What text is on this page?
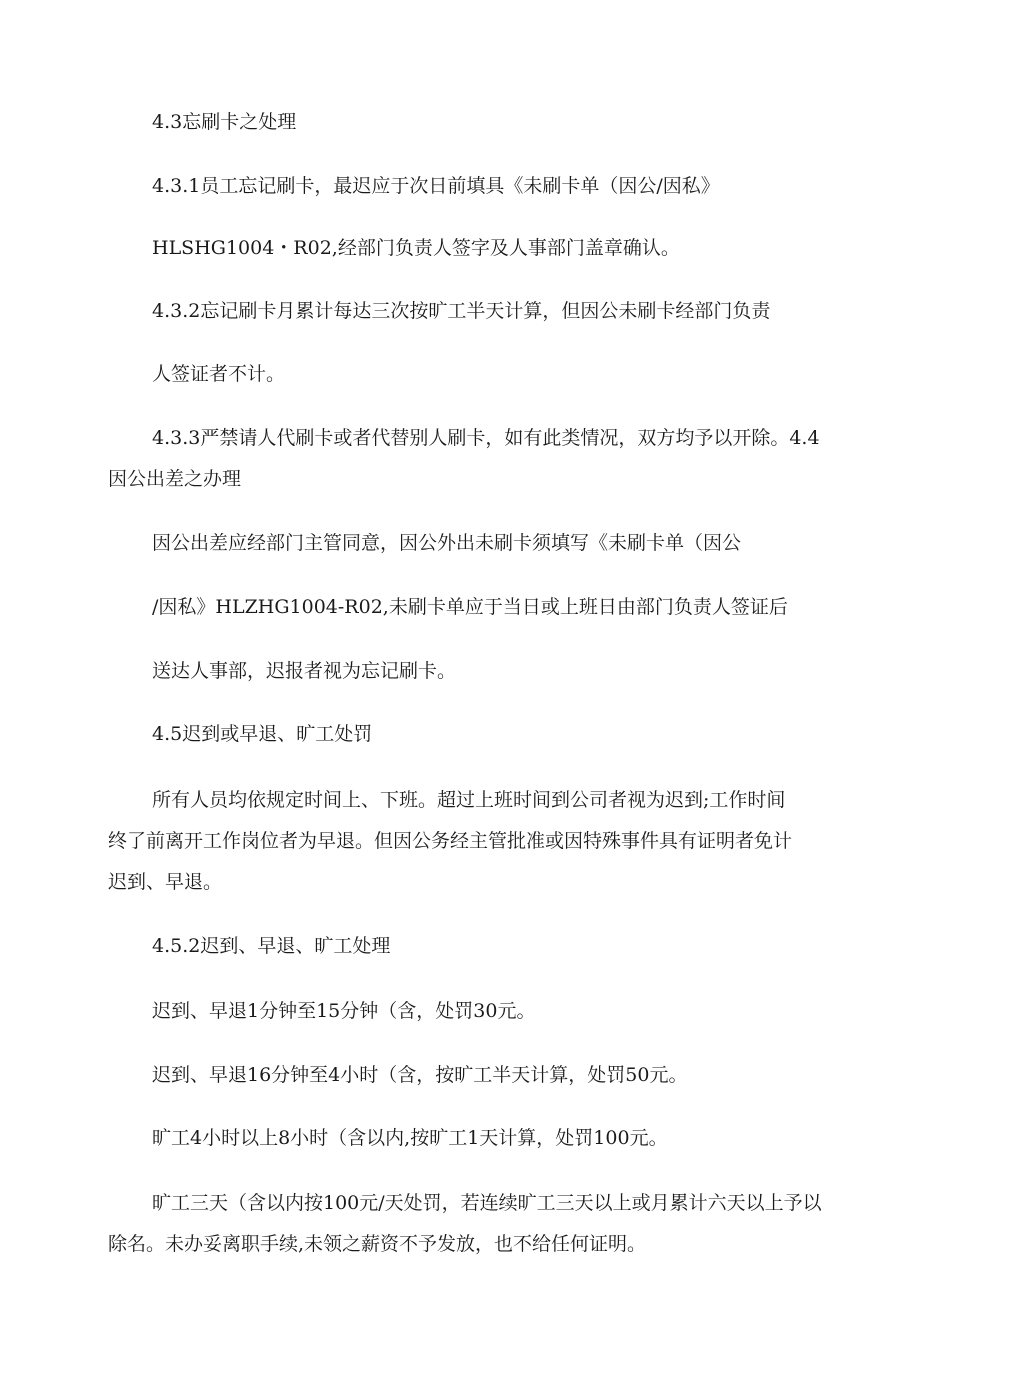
4.3忘刷卡之处理
4.3.1员工忘记刷卡，最迟应于次日前填具《未刷卡单（因公/因私》
HLSHG1004・R02,经部门负责人签字及人事部门盖章确认。
4.3.2忘记刷卡月累计每达三次按旷工半天计算，但因公未刷卡经部门负责
人签证者不计。
4.3.3严禁请人代刷卡或者代替别人刷卡，如有此类情况，双方均予以开除。4.4
因公出差之办理
因公出差应经部门主管同意，因公外出未刷卡须填写《未刷卡单（因公
/因私》HLZHG1004-R02,未刷卡单应于当日或上班日由部门负责人签证后
送达人事部，迟报者视为忘记刷卡。
4.5迟到或早退、旷工处罚
所有人员均依规定时间上、下班。超过上班时间到公司者视为迟到;工作时间
终了前离开工作岗位者为早退。但因公务经主管批准或因特殊事件具有证明者免计
迟到、早退。
4.5.2迟到、早退、旷工处理
迟到、早退1分钟至15分钟（含，处罚30元。
迟到、早退16分钟至4小时（含，按旷工半天计算，处罚50元。
旷工4小时以上8小时（含以内,按旷工1天计算，处罚100元。
旷工三天（含以内按100元/天处罚，若连续旷工三天以上或月累计六天以上予以
除名。未办妥离职手续,未领之薪资不予发放，也不给任何证明。
